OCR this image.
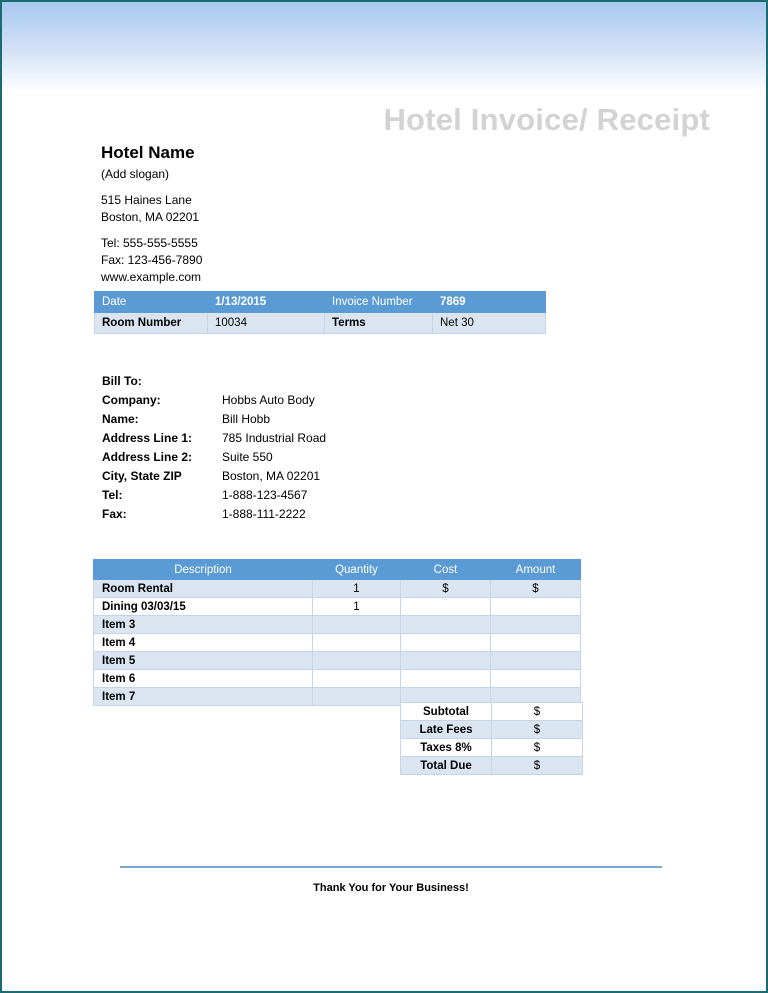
Hotel Invoice/ Receipt
Hotel Name
(Add slogan)
515 Haines Lane
Boston, MA 02201
Tel: 555-555-5555
Fax: 123-456-7890
www.example.com
Date	1/13/2015	Invoice Number	7869
Room Number	10034	Terms	Net 30
Bill To:
Company:	Hobbs Auto Body
Name:	Bill Hobb
Address Line 1:	785 Industrial Road
Address Line 2:	Suite 550
City, State ZIP	Boston, MA 02201
Tel:	1-888-123-4567
Fax:	1-888-111-2222
Description	Quantity	Cost	Amount
Room Rental	1	$	$
Dining 03/03/15	1		
Item 3			
Item 4			
Item 5			
Item 6			
Item 7			
Subtotal	$
Late Fees	$
Taxes 8%	$
Total Due	$
Thank You for Your Business!
